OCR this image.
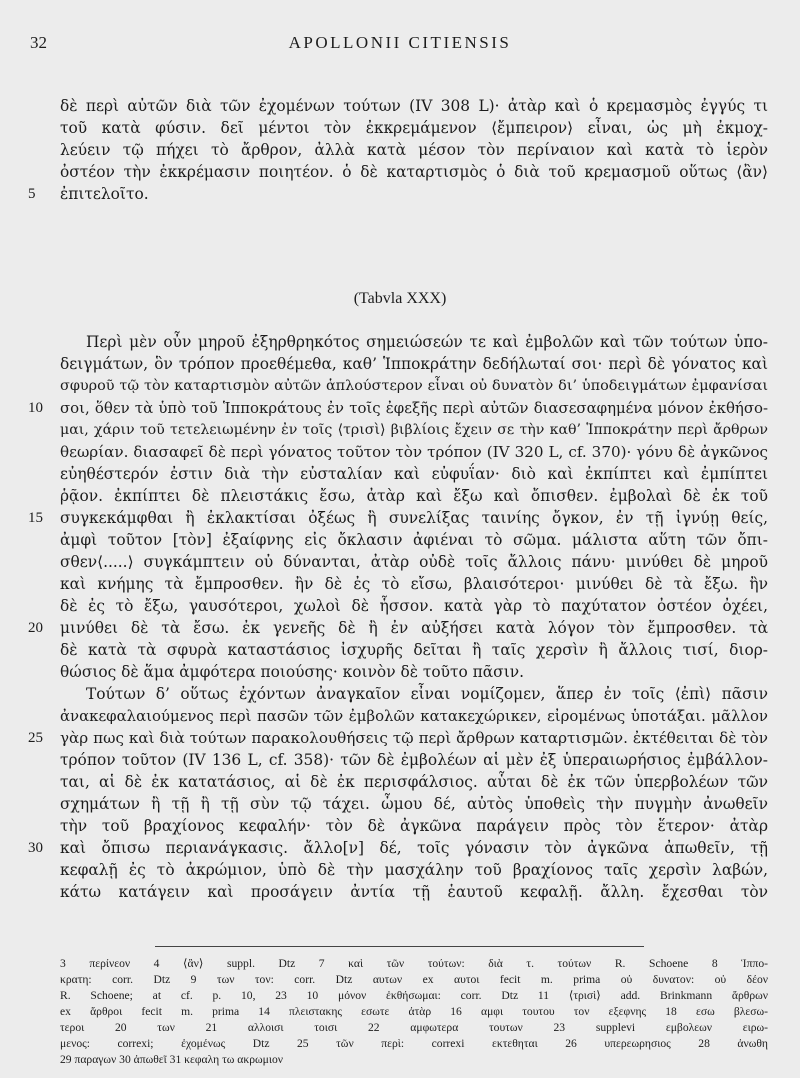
32	APOLLONII CITIENSIS
δὲ περὶ αὐτῶν διὰ τῶν ἐχομένων τούτων (IV 308 L)· ἀτὰρ καὶ ὁ κρεμασμὸς ἐγγύς τι
τοῦ κατὰ φύσιν. δεῖ μέντοι τὸν ἐκκρεμάμενον ⟨ἔμπειρον⟩ εἶναι, ὡς μὴ ἐκμοχ-
λεύειν τῷ πήχει τὸ ἄρθρον, ἀλλὰ κατὰ μέσον τὸν περίναιον καὶ κατὰ τὸ ἱερὸν
ὀστέον τὴν ἐκκρέμασιν ποιητέον. ὁ δὲ καταρτισμὸς ὁ διὰ τοῦ κρεμασμοῦ οὕτως ⟨ἂν⟩
ἐπιτελοῖτο.
(Tabvla XXX)
Περὶ μὲν οὖν μηροῦ ἐξηρθρηκότος σημειώσεών τε καὶ ἐμβολῶν καὶ τῶν τούτων ὑπο-
δειγμάτων, ὃν τρόπον προεθέμεθα, καθ’ Ἱπποκράτην δεδήλωταί σοι· περὶ δὲ γόνατος καὶ
σφυροῦ τῷ τὸν καταρτισμὸν αὐτῶν ἁπλούστερον εἶναι οὐ δυνατὸν δι’ ὑποδειγμάτων ἐμφανίσαι
σοι, ὅθεν τὰ ὑπὸ τοῦ Ἱπποκράτους ἐν τοῖς ἐφεξῆς περὶ αὐτῶν διασεσαφημένα μόνον ἐκθήσο-
μαι, χάριν τοῦ τετελειωμένην ἐν τοῖς ⟨τρισὶ⟩ βιβλίοις ἔχειν σε τὴν καθ’ Ἱπποκράτην περὶ ἄρθρων
θεωρίαν. διασαφεῖ δὲ περὶ γόνατος τοῦτον τὸν τρόπον (IV 320 L, cf. 370)· γόνυ δὲ ἀγκῶνος
εὐηθέστερόν ἐστιν διὰ τὴν εὐσταλίαν καὶ εὐφυΐαν· διὸ καὶ ἐκπίπτει καὶ ἐμπίπτει
ῥᾷον. ἐκπίπτει δὲ πλειστάκις ἔσω, ἀτὰρ καὶ ἔξω καὶ ὄπισθεν. ἐμβολαὶ δὲ ἐκ τοῦ
συγκεκάμφθαι ἢ ἐκλακτίσαι ὀξέως ἢ συνελίξας ταινίης ὄγκον, ἐν τῇ ἰγνύῃ θείς,
ἀμφὶ τοῦτον [τὸν] ἐξαίφνης εἰς ὄκλασιν ἀφιέναι τὸ σῶμα. μάλιστα αὕτη τῶν ὄπι-
σθεν⟨.....⟩ συγκάμπτειν οὐ δύνανται, ἀτὰρ οὐδὲ τοῖς ἄλλοις πάνυ· μινύθει δὲ μηροῦ
καὶ κνήμης τὰ ἔμπροσθεν. ἢν δὲ ἐς τὸ εἴσω, βλαισότεροι· μινύθει δὲ τὰ ἔξω. ἢν
δὲ ἐς τὸ ἔξω, γαυσότεροι, χωλοὶ δὲ ἧσσον. κατὰ γὰρ τὸ παχύτατον ὀστέον ὀχέει,
μινύθει δὲ τὰ ἔσω. ἐκ γενεῆς δὲ ἢ ἐν αὐξήσει κατὰ λόγον τὸν ἔμπροσθεν. τὰ
δὲ κατὰ τὰ σφυρὰ καταστάσιος ἰσχυρῆς δεῖται ἢ ταῖς χερσὶν ἢ ἄλλοις τισί, διορ-
θώσιος δὲ ἅμα ἀμφότερα ποιούσης· κοινὸν δὲ τοῦτο πᾶσιν.
Τούτων δ’ οὕτως ἐχόντων ἀναγκαῖον εἶναι νομίζομεν, ἅπερ ἐν τοῖς ⟨ἐπὶ⟩ πᾶσιν
ἀνακεφαλαιούμενος περὶ πασῶν τῶν ἐμβολῶν κατακεχώρικεν, εἰρομένως ὑποτάξαι. μᾶλλον
γὰρ πως καὶ διὰ τούτων παρακολουθήσεις τῷ περὶ ἄρθρων καταρτισμῶν. ἐκτέθειται δὲ τὸν
τρόπον τοῦτον (IV 136 L, cf. 358)· τῶν δὲ ἐμβολέων αἱ μὲν ἐξ ὑπεραιωρήσιος ἐμβάλλον-
ται, αἱ δὲ ἐκ κατατάσιος, αἱ δὲ ἐκ περισφάλσιος. αὗται δὲ ἐκ τῶν ὑπερβολέων τῶν
σχημάτων ἢ τῇ ἢ τῇ σὺν τῷ τάχει. ὦμου δέ, αὐτὸς ὑποθεὶς τὴν πυγμὴν ἀνωθεῖν
τὴν τοῦ βραχίονος κεφαλήν· τὸν δὲ ἀγκῶνα παράγειν πρὸς τὸν ἕτερον· ἀτὰρ
καὶ ὄπισω περιανάγκασις. ἄλλο[ν] δέ, τοῖς γόνασιν τὸν ἀγκῶνα ἀπωθεῖν, τῇ
κεφαλῇ ἐς τὸ ἀκρώμιον, ὑπὸ δὲ τὴν μασχάλην τοῦ βραχίονος ταῖς χερσὶν λαβών,
κάτω κατάγειν καὶ προσάγειν ἀντία τῇ ἑαυτοῦ κεφαλῇ. ἄλλη. ἔχεσθαι τὸν
5
10
15
20
25
30
3 περίνεον 4 ⟨ἂν⟩ suppl. Dtz 7 καὶ τῶν τούτων: διὰ τ. τούτων R. Schoene 8 Ἱππο-
κρατη: corr. Dtz 9 των τον: corr. Dtz αυτων ex αυτοι fecit m. prima οὐ δυνατον: οὐ δέον
R. Schoene; at cf. p. 10, 23 10 μόνον ἐκθήσωμαι: corr. Dtz 11 ⟨τρισὶ⟩ add. Brinkmann ἄρθρων
ex ἄρθροι fecit m. prima 14 πλειστακης εσωτε ἀτὰρ 16 αμφι τουτου τον εξεφνης 18 εσω βλεσω-
τεροι 20 των 21 αλλοισι τοισι 22 αμφωτερα τουτων 23 supplevi εμβολεων ειρω-
μενος: correxi; ἐχομένως Dtz 25 τῶν περὶ: correxi εκτεθηται 26 υπερεωρησιος 28 ἀνωθη
29 παραγων 30 ἀπωθεῖ 31 κεφαλη τω ακρωμιον
